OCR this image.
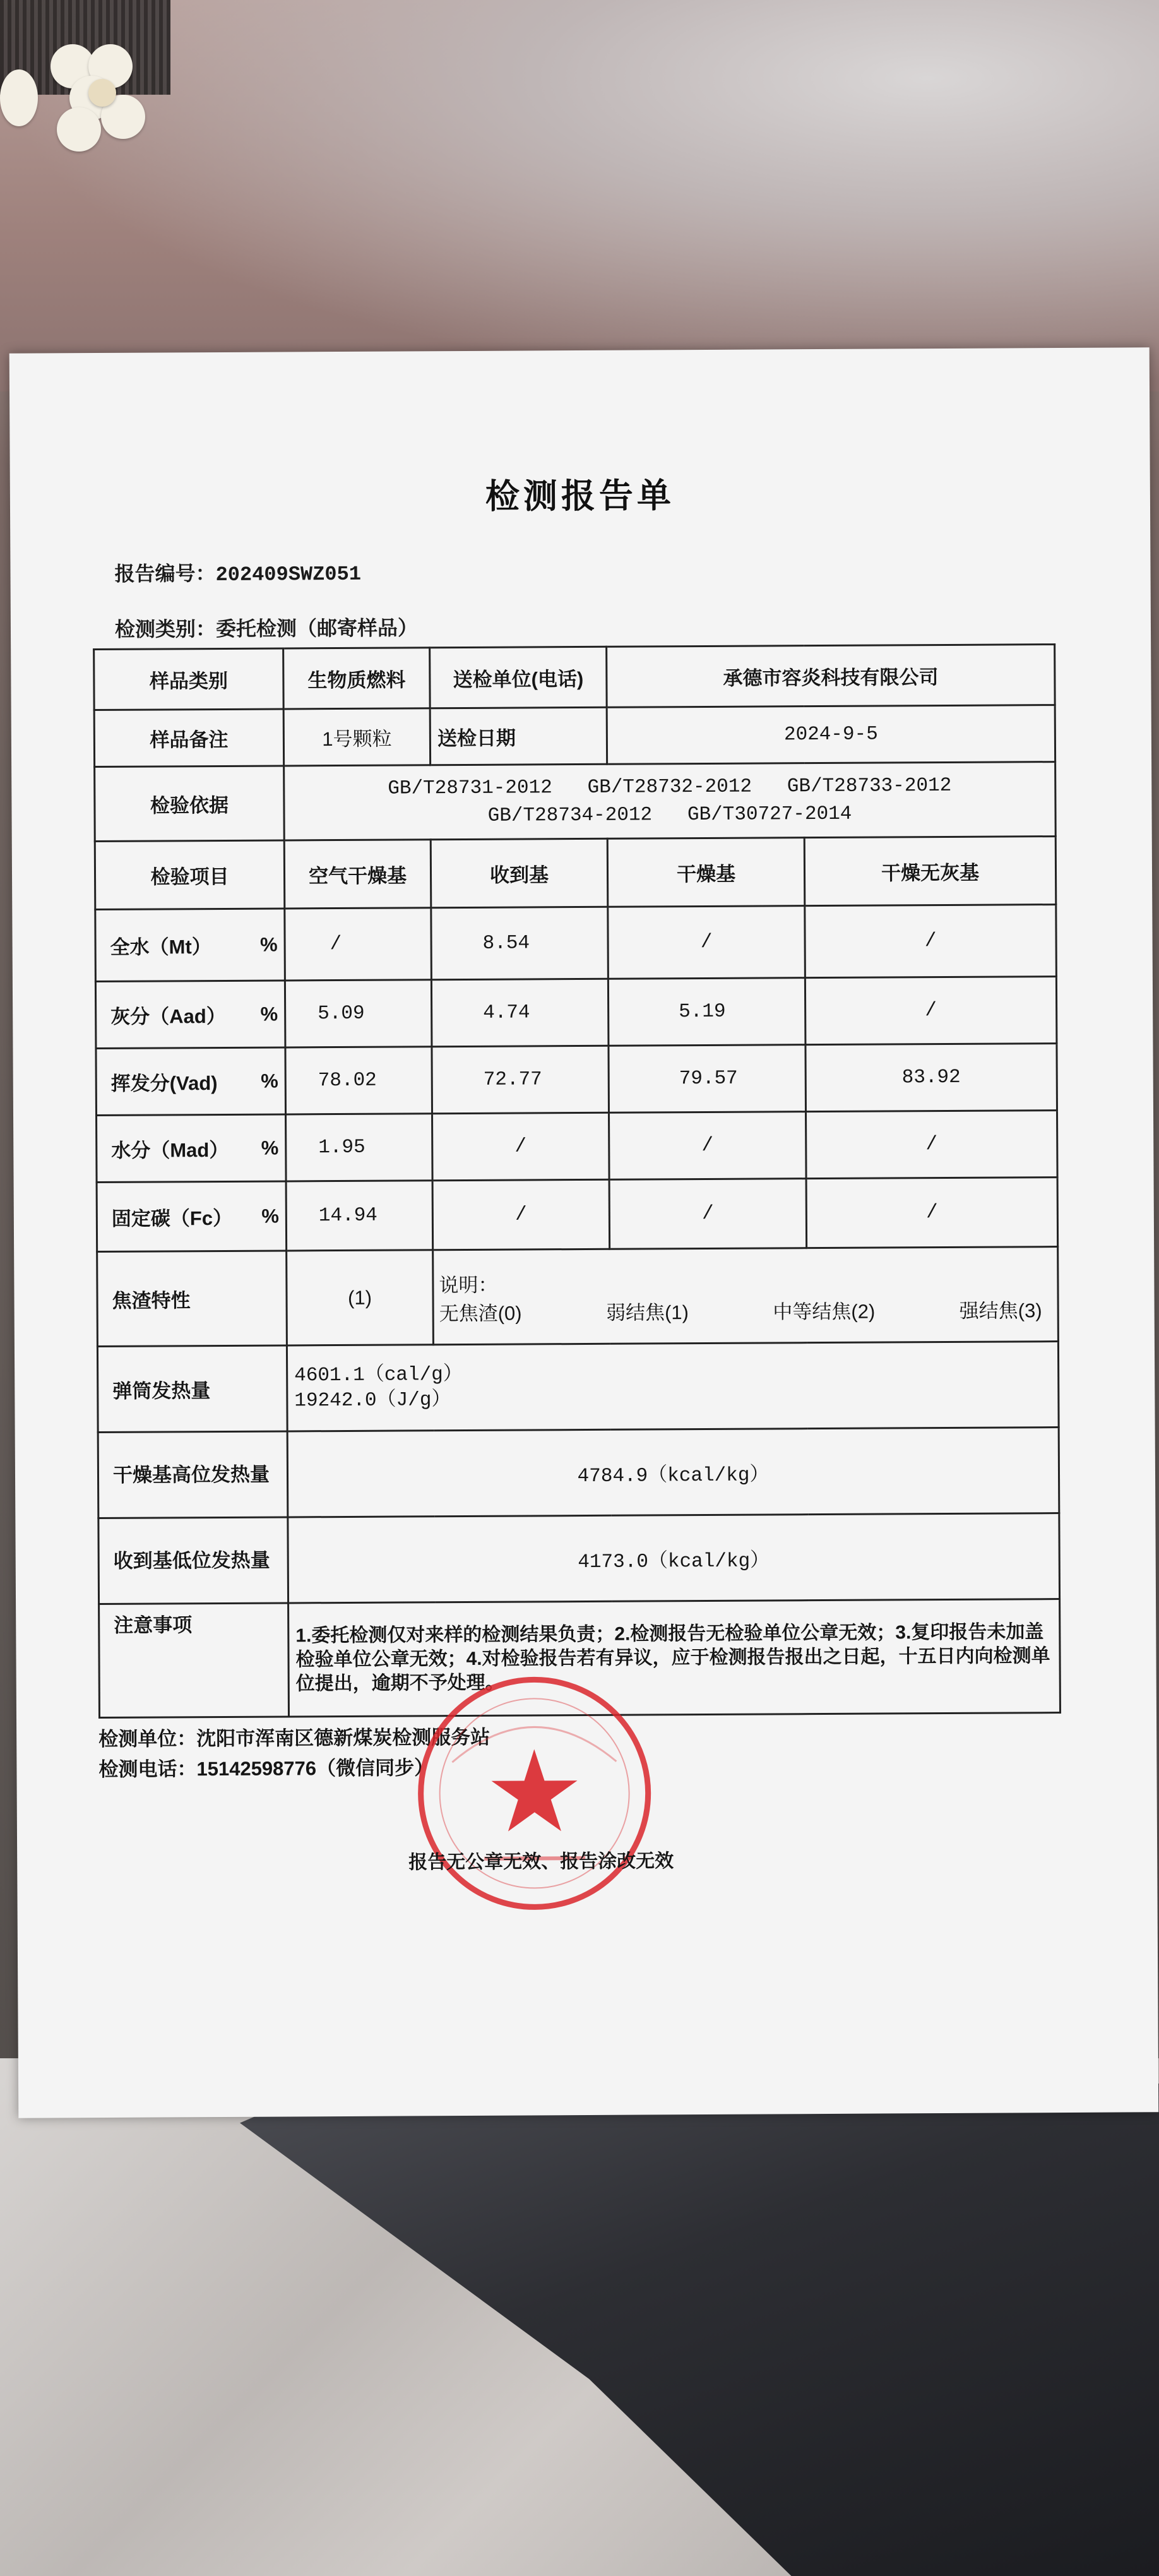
检测报告单
报告编号：202409SWZ051
检测类别：委托检测（邮寄样品）
样品类别	生物质燃料	送检单位(电话)	承德市容炎科技有限公司	
样品备注	1号颗粒	送检日期	2024-9-5	
检验依据	GB/T28731-2012   GB/T28732-2012   GB/T28733-2012
GB/T28734-2012   GB/T30727-2014			

检验项目	空气干燥基	收到基	干燥基	干燥无灰基
全水（Mt） %	/	8.54	/	/
灰分（Aad） %	5.09	4.74	5.19	/
挥发分(Vad) %	78.02	72.77	79.57	83.92
水分（Mad） %	1.95	/	/	/
固定碳（Fc） %	14.94	/	/	/
焦渣特性	(1)	说明：
无焦渣(0) 弱结焦(1) 中等结焦(2) 强结焦(3)		

弹筒发热量	4601.1（cal/g）
19242.0（J/g）			

干燥基高位发热量	4784.9（kcal/kg）			
收到基低位发热量	4173.0（kcal/kg）			
注意事项	1.委托检测仅对来样的检测结果负责；2.检测报告无检验单位公章无效；3.复印报告未加盖检验单位公章无效；4.对检验报告若有异议，应于检测报告报出之日起，十五日内向检测单位提出，逾期不予处理。			
检测单位：沈阳市浑南区德新煤炭检测服务站
检测电话：15142598776（微信同步）
报告无公章无效、报告涂改无效
